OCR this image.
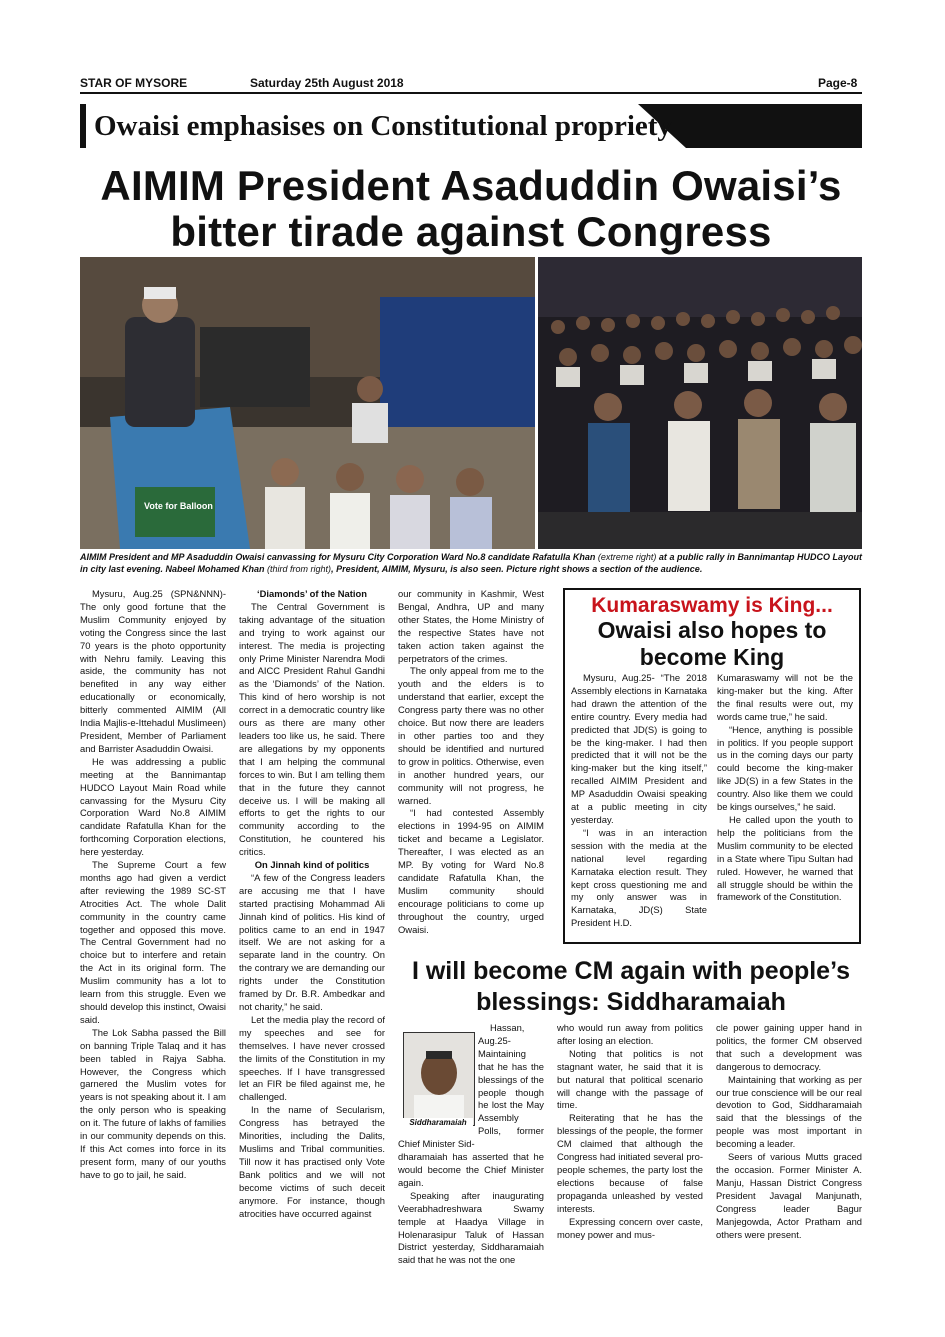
STAR OF MYSORE	Saturday 25th August 2018	Page-8
Owaisi emphasises on Constitutional propriety
AIMIM President Asaduddin Owaisi’s
bitter tirade against Congress
Vote for Balloon
AIMIM President and MP Asaduddin Owaisi canvassing for Mysuru City Corporation Ward No.8 candidate Rafatulla Khan (extreme right) at a public rally in Bannimantap HUDCO Layout in city last evening. Nabeel Mohamed Khan (third from right), President, AIMIM, Mysuru, is also seen. Picture right shows a section of the audience.

Mysuru, Aug.25 (SPN&NNN)- The only good fortune that the Muslim Community enjoyed by voting the Congress since the last 70 years is the photo opportunity with Nehru family. Leaving this aside, the community has not benefited in any way either educationally or economically, bitterly commented AIMIM (All India Majlis-e-Ittehadul Muslimeen) President, Member of Parliament and Barrister Asaduddin Owaisi.

He was addressing a public meeting at the Bannimantap HUDCO Layout Main Road while canvassing for the Mysuru City Corporation Ward No.8 AIMIM candidate Rafatulla Khan for the forthcoming Corporation elections, here yesterday.

The Supreme Court a few months ago had given a verdict after reviewing the 1989 SC-ST Atrocities Act. The whole Dalit community in the country came together and opposed this move. The Central Government had no choice but to interfere and retain the Act in its original form. The Muslim community has a lot to learn from this struggle. Even we should develop this instinct, Owaisi said.

The Lok Sabha passed the Bill on banning Triple Talaq and it has been tabled in Rajya Sabha. However, the Congress which garnered the Muslim votes for years is not speaking about it. I am the only person who is speaking on it. The future of lakhs of families in our community depends on this. If this Act comes into force in its present form, many of our youths have to go to jail, he said.

‘Diamonds’ of the Nation

The Central Government is taking advantage of the situation and trying to work against our interest. The media is projecting only Prime Minister Narendra Modi and AICC President Rahul Gandhi as the ‘Diamonds’ of the Nation. This kind of hero worship is not correct in a democratic country like ours as there are many other leaders too like us, he said. There are allegations by my opponents that I am helping the communal forces to win. But I am telling them that in the future they cannot deceive us. I will be making all efforts to get the rights to our community according to the Constitution, he countered his critics.

On Jinnah kind of politics

“A few of the Congress leaders are accusing me that I have started practising Mohammad Ali Jinnah kind of politics. His kind of politics came to an end in 1947 itself. We are not asking for a separate land in the country. On the contrary we are demanding our rights under the Constitution framed by Dr. B.R. Ambedkar and not charity,” he said.

Let the media play the record of my speeches and see for themselves. I have never crossed the limits of the Constitution in my speeches. If I have transgressed let an FIR be filed against me, he challenged.

In the name of Secularism, Congress has betrayed the Minorities, including the Dalits, Muslims and Tribal communities. Till now it has practised only Vote Bank politics and we will not become victims of such deceit anymore. For instance, though atrocities have occurred against

our community in Kashmir, West Bengal, Andhra, UP and many other States, the Home Ministry of the respective States have not taken action taken against the perpetrators of the crimes.

The only appeal from me to the youth and the elders is to understand that earlier, except the Congress party there was no other choice. But now there are leaders in other parties too and they should be identified and nurtured to grow in politics. Otherwise, even in another hundred years, our community will not progress, he warned.

“I had contested Assembly elections in 1994-95 on AIMIM ticket and became a Legislator. Thereafter, I was elected as an MP. By voting for Ward No.8 candidate Rafatulla Khan, the Muslim community should encourage politicians to come up throughout the country, urged Owaisi.

Kumaraswamy is King...
Owaisi also hopes to
become King

Mysuru, Aug.25- “The 2018 Assembly elections in Karnataka had drawn the attention of the entire country. Every media had predicted that JD(S) is going to be the king-maker. I had then predicted that it will not be the king-maker but the king itself,” recalled AIMIM President and MP Asaduddin Owaisi speaking at a public meeting in city yesterday.

“I was in an interaction session with the media at the national level regarding Karnataka election result. They kept cross questioning me and my only answer was in Karnataka, JD(S) State President H.D.

Kumaraswamy will not be the king-maker but the king. After the final results were out, my words came true,” he said.

“Hence, anything is possible in politics. If you people support us in the coming days our party could become the king-maker like JD(S) in a few States in the country. Also like them we could be kings ourselves,” he said.

He called upon the youth to help the politicians from the Muslim community to be elected in a State where Tipu Sultan had ruled. However, he warned that all struggle should be within the framework of the Constitution.

I will become CM again with people’s
blessings: Siddharamaiah
Siddharamaiah

Hassan, Aug.25- Maintaining that he has the blessings of the people though he lost the May Assembly Polls, former Chief Minister Sid-

dharamaiah has asserted that he would become the Chief Minister again.

Speaking after inaugurating Veerabhadreshwara Swamy temple at Haadya Village in Holenarasipur Taluk of Hassan District yesterday, Siddharamaiah said that he was not the one

who would run away from politics after losing an election.

Noting that politics is not stagnant water, he said that it is but natural that political scenario will change with the passage of time.

Reiterating that he has the blessings of the people, the former CM claimed that although the Congress had initiated several pro-people schemes, the party lost the elections because of false propaganda unleashed by vested interests.

Expressing concern over caste, money power and mus-

cle power gaining upper hand in politics, the former CM observed that such a development was dangerous to democracy.

Maintaining that working as per our true conscience will be our real devotion to God, Siddharamaiah said that the blessings of the people was most important in becoming a leader.

Seers of various Mutts graced the occasion. Former Minister A. Manju, Hassan District Congress President Javagal Manjunath, Congress leader Bagur Manjegowda, Actor Pratham and others were present.
